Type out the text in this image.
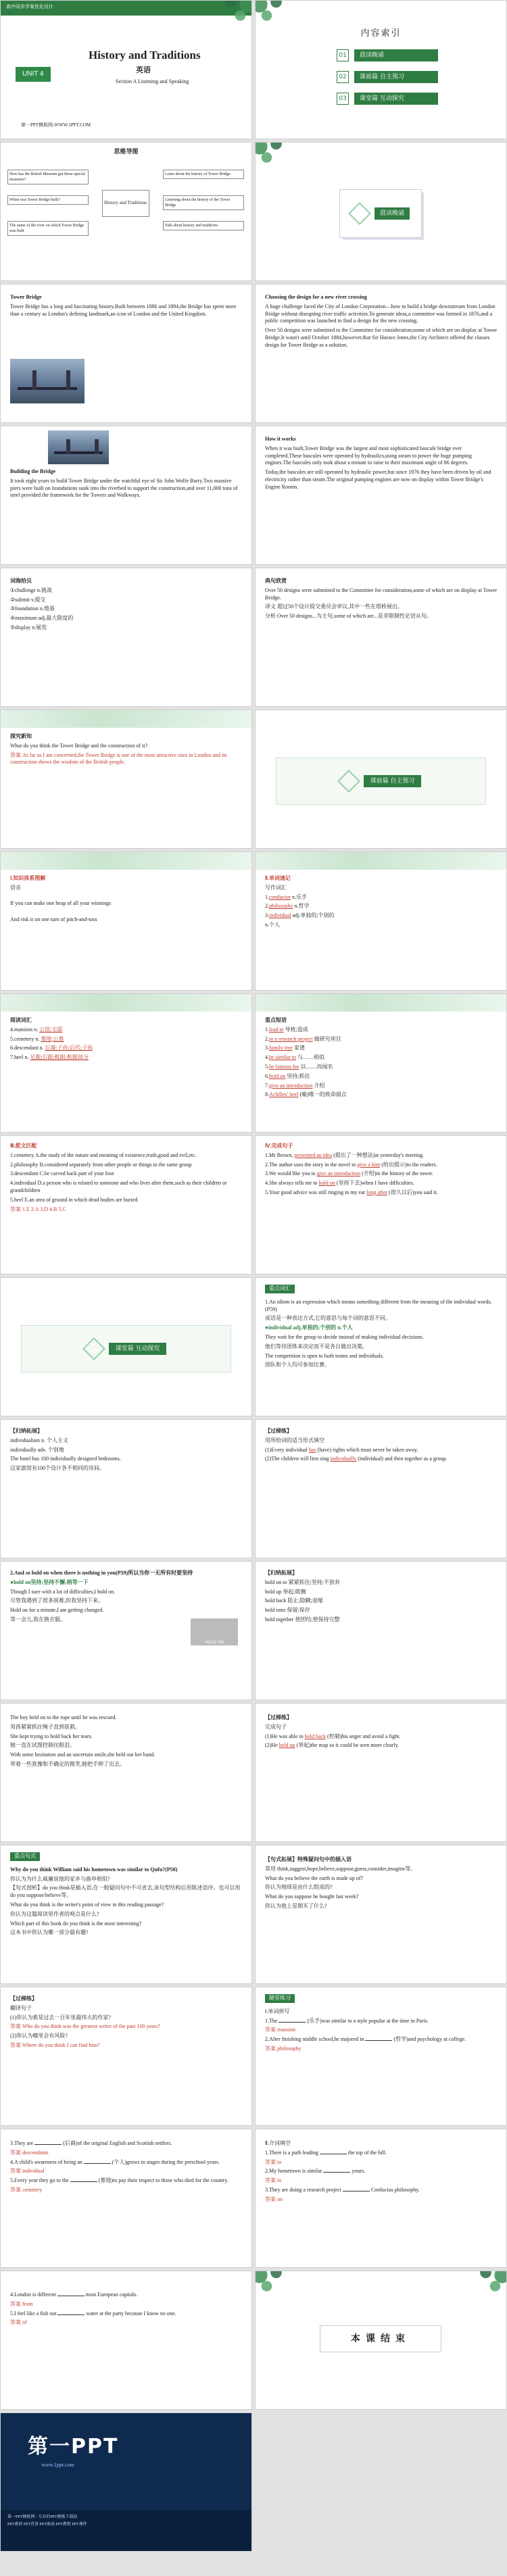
高中同步学案优化设计
History and Traditions
UNIT 4	英语
Section A Listening and Speaking
第一PPT模板网-WWW.1PPT.COM
内容索引
01	晨读晚诵
02	课前篇 自主预习
03	课堂篇 互动探究
思维导图
How has the British Museum got those special treasures?
When was Tower Bridge built?
The name of the river on which Tower Bridge was built
History and Traditions
Learn about the history of Tower Bridge
Listening about the history of the Tower Bridge
Talk about history and traditions
晨读晚诵

Tower Bridge

Tower Bridge has a long and fascinating history.Built between 1886 and 1894,the Bridge has spent more than a century as London's defining landmark,an icon of London and the United Kingdom.

Choosing the design for a new river crossing

A huge challenge faced the City of London Corporation—how to build a bridge downstream from London Bridge without disrupting river traffic activities.To generate ideas,a committee was formed in 1876,and a public competition was launched to find a design for the new crossing.

Over 50 designs were submitted to the Committee for consideration;some of which are on display at Tower Bridge.It wasn't until October 1884,however,that Sir Horace Jones,the City Architect offered the classes design for Tower Bridge as a solution.

Building the Bridge

It took eight years to build Tower Bridge under the watchful eye of Sir John Wolfe Barry.Two massive piers were built on foundations sunk into the riverbed to support the construction,and over 11,000 tons of steel provided the framework for the Towers and Walkways.

How it works

When it was built,Tower Bridge was the largest and most sophisticated bascule bridge ever completed.These bascules were operated by hydraulics,using steam to power the huge pumping engines.The bascules only took about a minute to raise to their maximum angle of 86 degrees.

Today,the bascules are still operated by hydraulic power,but since 1976 they have been driven by oil and electricity rather than steam.The original pumping engines are now on display within Tower Bridge's Engine Rooms.

词海拾贝

①challenge n.挑战

②submit v.提交

③foundation n.地基

④maximum adj.最大限度的

⑤display n.展览

典句欣赏

Over 50 designs were submitted to the Committee for consideration,some of which are on display at Tower Bridge.

译文 超过50个设计提交委员会审议,其中一些在塔桥展出。

分析 Over 50 designs...为主句,some of which are...是非限制性定语从句。

探究新知

What do you think the Tower Bridge and the construction of it?

答案 As far as I am concerned,the Tower Bridge is one of the most attractive sites in London and its construction shows the wisdom of the British people.

课前篇 自主预习

Ⅰ.知识体系图解

语音

If you can make one heap of all your winnings

And risk it on one turn of pitch-and-toss

Ⅱ.单词速记

写作词汇

1.conductor n.乐手

2.philosophy n.哲学

3.individual adj.单独的;个别的

n.个人

阅读词汇

4.mansion n. 公馆;宅邸

5.cemetery n. 墓地;公墓

6.descendant n. 后裔;子孙;后代;子孙

7.heel n. 足跟;后跟;鞋跟;鞋跟部分

重点短语

1.lead to 导致;造成

2.in a research project 做研究项目

3.family tree 家谱

4.be similar to 与……相似

5.be famous for 以……而闻名

6.hold on 坚持;抓住

7.give an introduction 介绍

8.Achilles' heel (喻)唯一的致命弱点

Ⅲ.派文匹配

1.cemetery A.the study of the nature and meaning of existence,truth,good and evil,etc.

2.philosophy B.considered separately from other people or things in the same group

3.descendant C.be carved back part of your foot

4.individual D.a person who is related to someone and who lives after them,such as their children or grandchildren

5.heel E.an area of ground in which dead bodies are buried

答案 1.E 2.A 3.D 4.B 5.C

Ⅳ.完成句子

1.Mr Brown, presented an idea (提出了一种想法)at yesterday's meeting.

2.The author uses the story in the novel to give a hint (给出提示)to the readers.

3.We would like you to give an introduction (介绍)to the history of the tower.

4.She always tells me to hold on (坚持下去)when I have difficulties.

5.Your good advice was still ringing in my ear long after (很久以后)you said it.

课堂篇 互动探究

重点词汇

1.An idiom is an expression which means something different from the meaning of the individual words.(P59)

成语是一种表达方式,它的意思与每个词的意思不同。

●individual adj.单独的;个别的 n.个人

They wait for the group to decide instead of making individual decisions.

他们等待团体来决定而不是各自做出决策。

The competition is open to both teams and individuals.

团队和个人均可参加比赛。

【归纳拓展】

individualism n. 个人主义

individually adv. 个别地

The hotel has 100 individually designed bedrooms.

这家旅馆有100个设计各不相同的房间。

【过梯练】

用所给词的适当形式填空

(1)Every individual has (have) rights which must never be taken away.

(2)The children will first sing individually (individual) and then together as a group.

2.And so hold on when there is nothing in you(P59)所以当你一无所有时要坚持

●hold on坚持;坚持不懈;稍等一下

Though I sure with a lot of difficulties,I hold on.

尽管我遇到了很多困难,但我坚持下来。

Hold on for a minute,I am getting changed.

等一会儿,我在换衣服。

HOLD ON

【归纳拓展】

hold on to 紧紧抓住;坚持;不放弃

hold up 举起;耽搁

hold back 阻止;隐瞒;退缩

hold onto 保留;保存

hold together 使团结;使保持完整

The boy held on to the rope until he was rescued.

男孩紧紧抓住绳子直到获救。

She kept trying to hold back her tears.

她一直在试图控制住眼泪。

With some hesitation and an uncertain smile,she held out her hand.

带着一些犹豫和不确定的微笑,她把手伸了出去。

【过梯练】

完成句子

(1)He was able to hold back (控制)his anger and avoid a fight.

(2)He held up (举起)the map so it could be seen more clearly.

重点句式

Why do you think William said his hometown was similar to Qufu?(P58)

你认为为什么威廉说他的家乡与曲阜相似?

【句式剖析】do you think是插入语,在一般疑问句中不可省去,该句型结构后用陈述语序。也可以用do you suppose/believe等。

What do you think is the writer's point of view in this reading passage?

你认为这篇阅读里作者的观点是什么?

Which part of this book do you think is the most interesting?

这本书中你认为哪一部分最有趣?

【句式拓展】特殊疑问句中的插入语

常用 think,suggest,hope,believe,suppose,guess,consider,imagine等。

What do you believe the earth is made up of?

你认为地球是由什么组成的?

What do you suppose he bought last week?

你认为他上星期买了什么?

【过梯练】

翻译句子

(1)你认为谁是过去一百年里最伟大的作家?

答案 Who do you think was the greatest writer of the past 100 years?

(2)你认为哪里会有风险?

答案 Where do you think I can find him?

随堂练习

Ⅰ.单词拼写

1.The	(乐手)was similar to a style popular at the time in Paris.

答案 mansion

2.After finishing middle school,he majored in	(哲学)and psychology at college.

答案 philosophy

3.They are	(后裔)of the original English and Scottish settlers.

答案 descendants

4.A child's awareness of being an	(个人)grows in stages during the preschool years.

答案 individual

5.Every year they go to the	(墓地)to pay their respect to those who died for the country.

答案 cemetery

Ⅱ.介词填空

1.There is a path leading	the top of the hill.

答案 to

2.My hometown is similar	yours.

答案 to

3.They are doing a research project	Confucius philosophy.

答案 on

4.London is different	most European capitals.

答案 from

5.I feel like a fish out	water at the party because I know no one.

答案 of

本课结束
第一PPT
www.1ppt.com

第一PPT模板网 - 专业的PPT模板下载站

PPT素材 PPT背景 PPT图表 PPT教程 PPT课件
